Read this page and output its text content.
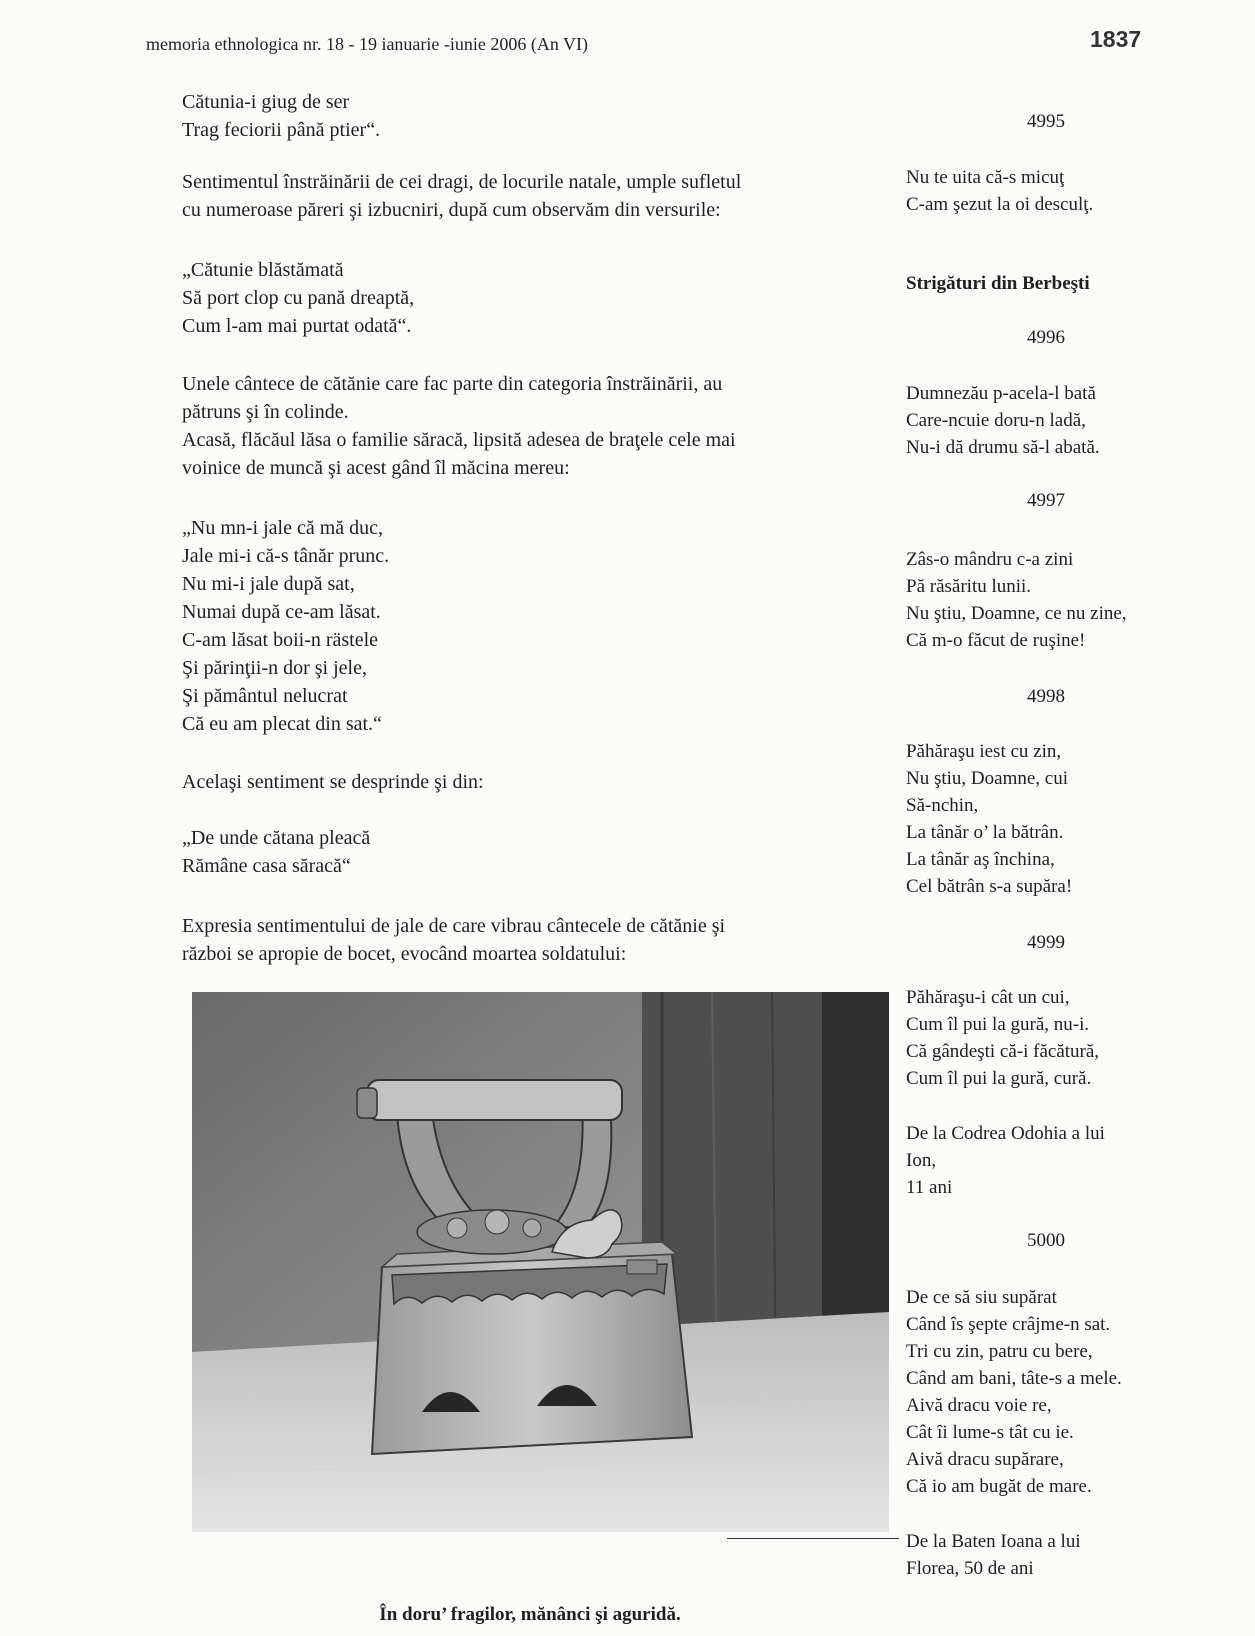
memoria ethnologica nr. 18 - 19 ianuarie -iunie 2006 (An VI)	1837
Cătunia-i giug de ser
Trag feciorii până ptier“.
Sentimentul înstrăinării de cei dragi, de locurile natale, umple sufletul
cu numeroase păreri şi izbucniri, după cum observăm din versurile:
„Cătunie blăstămată
Să port clop cu pană dreaptă,
Cum l-am mai purtat odată“.
Unele cântece de cătănie care fac parte din categoria înstrăinării, au
pătruns şi în colinde.
Acasă, flăcăul lăsa o familie săracă, lipsită adesea de braţele cele mai
voinice de muncă şi acest gând îl măcina mereu:
„Nu mn-i jale că mă duc,
Jale mi-i că-s tânăr prunc.
Nu mi-i jale după sat,
Numai după ce-am lăsat.
C-am lăsat boii-n rästele
Şi părinţii-n dor şi jele,
Şi pământul nelucrat
Că eu am plecat din sat.“
Acelaşi sentiment se desprinde şi din:
„De unde cătana pleacă
Rămâne casa săracă“
Expresia sentimentului de jale de care vibrau cântecele de cătănie şi
război se apropie de bocet, evocând moartea soldatului:
4995
Nu te uita că-s micuţ
C-am şezut la oi desculţ.
Strigături din Berbeşti
4996
Dumnezău p-acela-l bată
Care-ncuie doru-n ladă,
Nu-i dă drumu să-l abată.
4997
Zâs-o mândru c-a zini
Pă răsăritu lunii.
Nu ştiu, Doamne, ce nu zine,
Că m-o făcut de ruşine!
4998
Păhăraşu iest cu zin,
Nu ştiu, Doamne, cui
Să-nchin,
La tânăr o’ la bătrân.
La tânăr aş închina,
Cel bătrân s-a supăra!
4999
Păhăraşu-i cât un cui,
Cum îl pui la gură, nu-i.
Că gândeşti că-i făcătură,
Cum îl pui la gură, cură.
De la Codrea Odohia a lui
Ion,
11 ani
5000
De ce să siu supărat
Când îs şepte crâjme-n sat.
Tri cu zin, patru cu bere,
Când am bani, tâte-s a mele.
Aivă dracu voie re,
Cât îi lume-s tât cu ie.
Aivă dracu supărare,
Că io am bugăt de mare.
De la Baten Ioana a lui
Florea, 50 de ani
În doru’ fragilor, mănânci şi aguridă.
